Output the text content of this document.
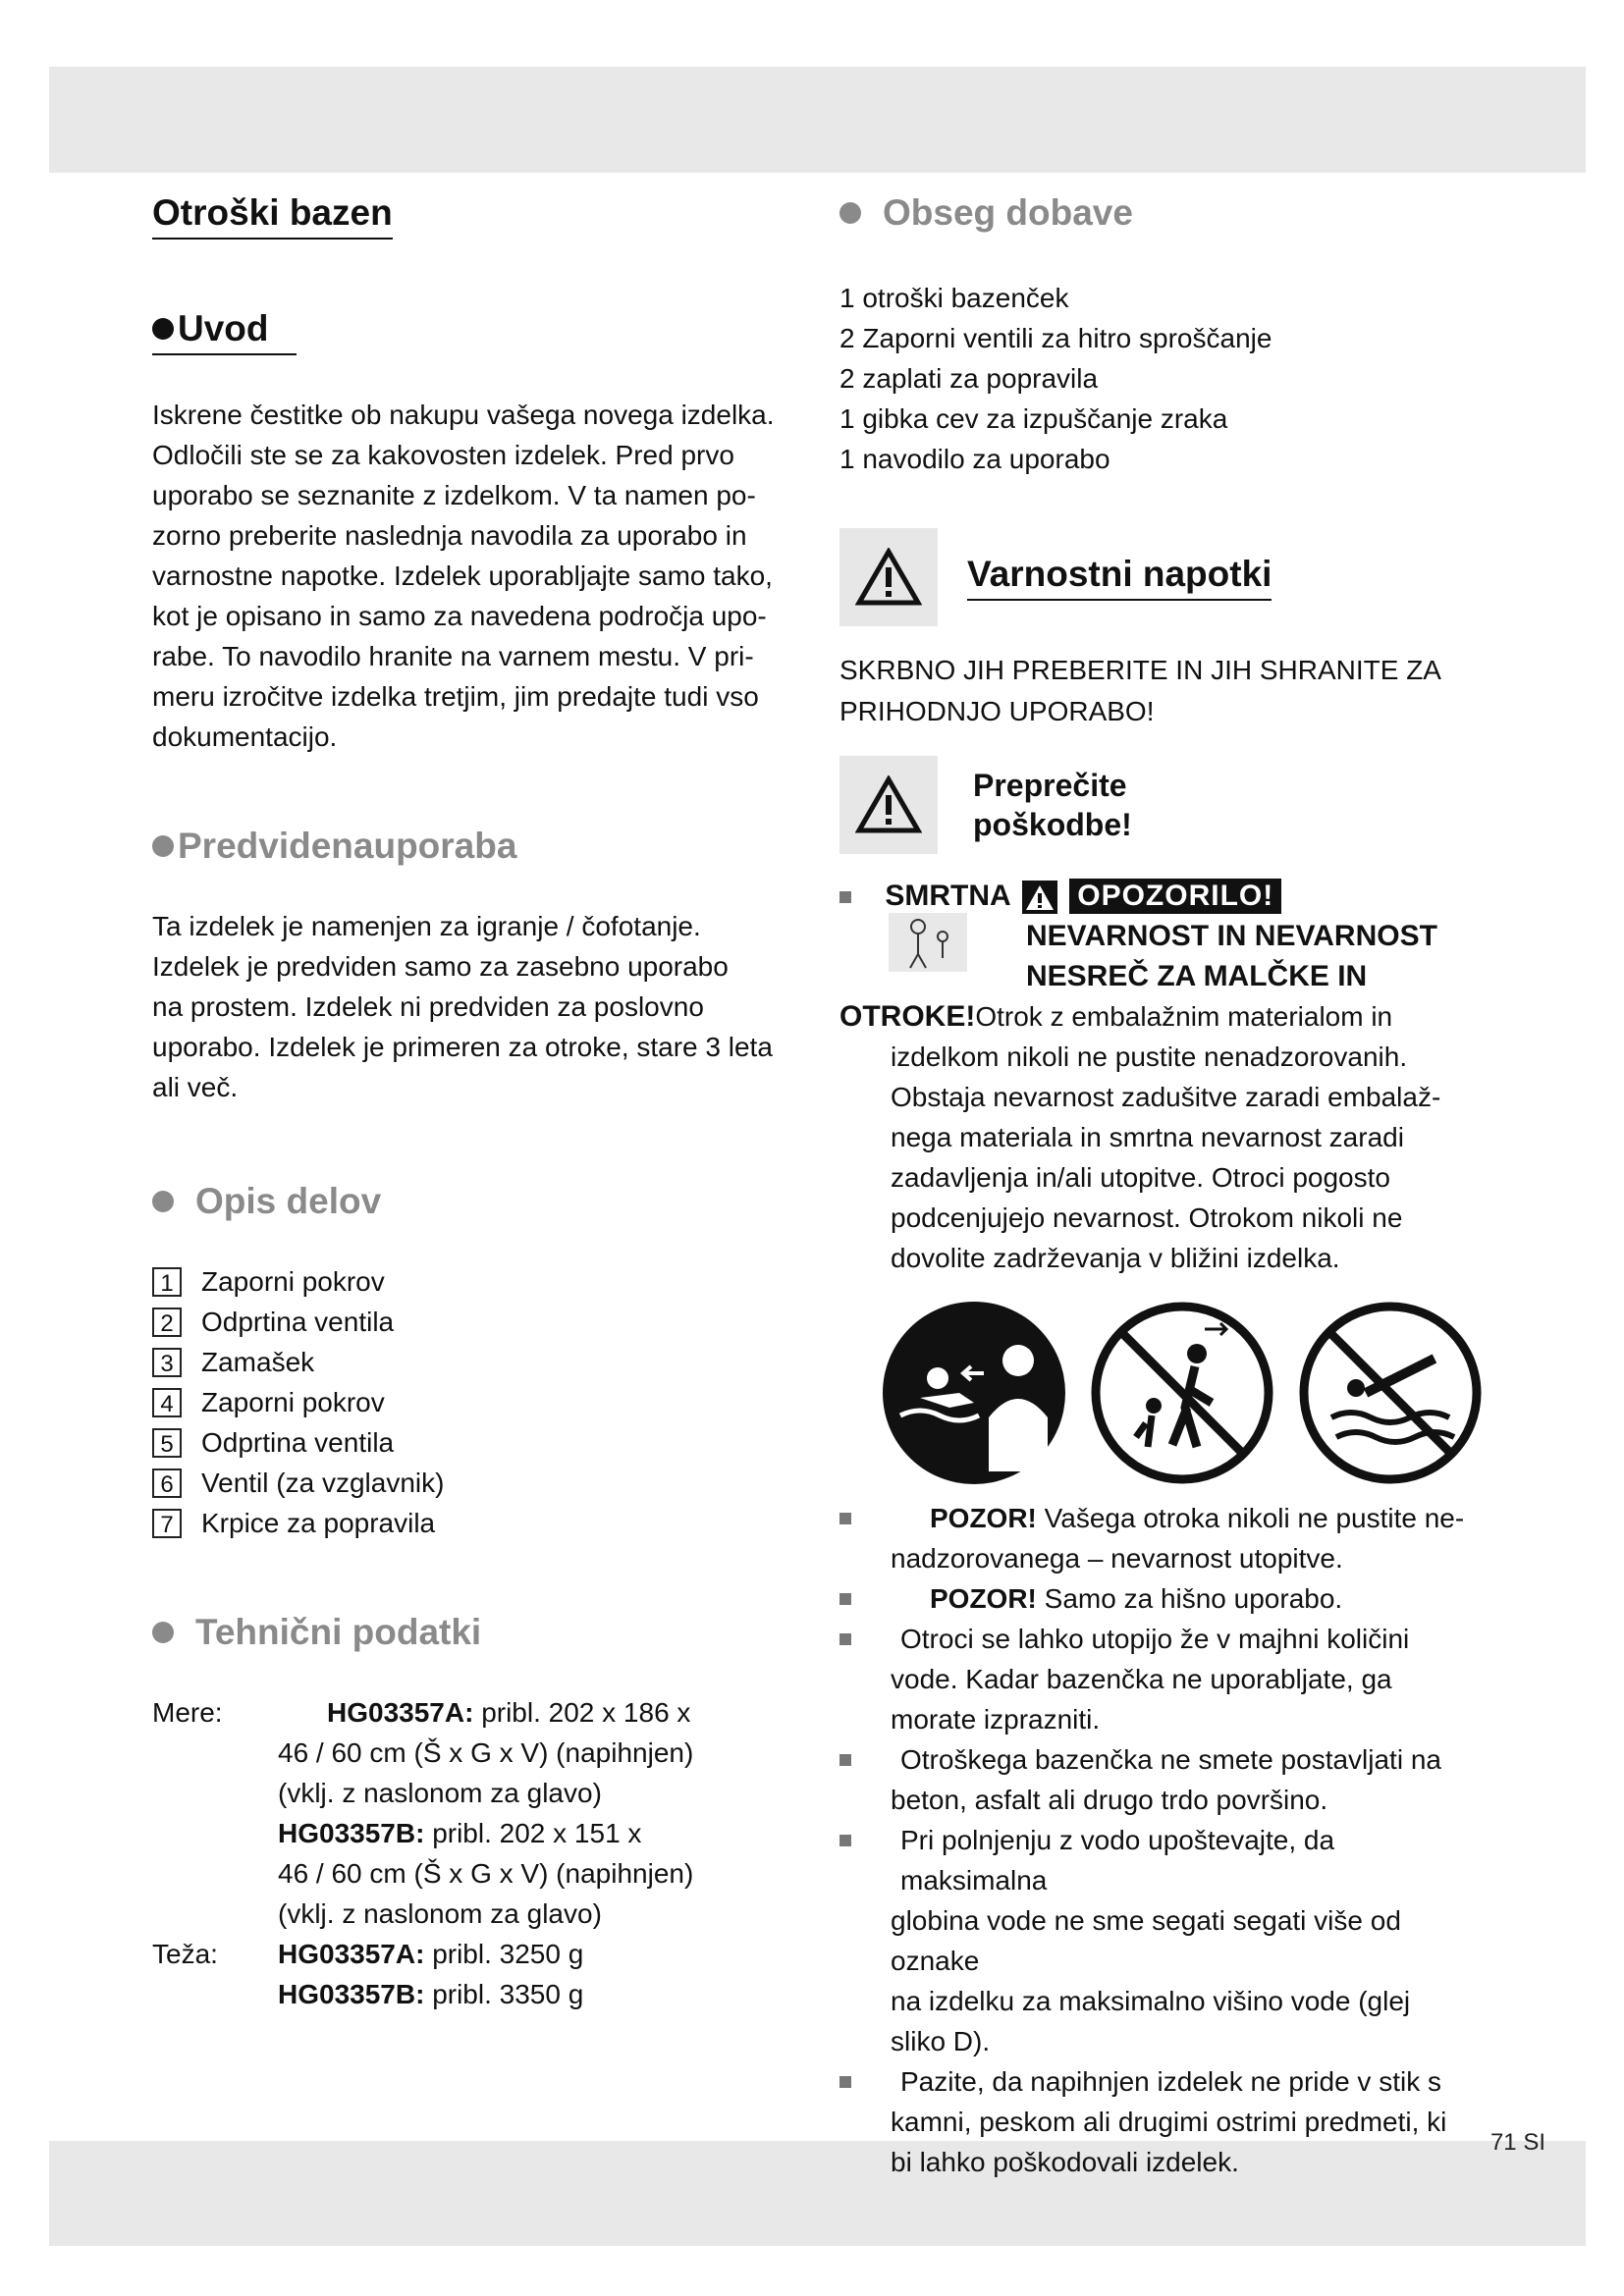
71 SI
Otroški bazen
Uvod

Iskrene čestitke ob nakupu vašega novega izdelka.

Odločili ste se za kakovosten izdelek. Pred prvo

uporabo se seznanite z izdelkom. V ta namen po-

zorno preberite naslednja navodila za uporabo in

varnostne napotke. Izdelek uporabljajte samo tako,

kot je opisano in samo za navedena področja upo-

rabe. To navodilo hranite na varnem mestu. V pri-

meru izročitve izdelka tretjim, jim predajte tudi vso

dokumentacijo.

Predvidenauporaba

Ta izdelek je namenjen za igranje / čofotanje.

Izdelek je predviden samo za zasebno uporabo

na prostem. Izdelek ni predviden za poslovno

uporabo. Izdelek je primeren za otroke, stare 3 leta

ali več.

Opis delov
1 Zaporni pokrov
2 Odprtina ventila
3 Zamašek
4 Zaporni pokrov
5 Odprtina ventila
6 Ventil (za vzglavnik)
7 Krpice za popravila
Tehnični podatki
Mere:	HG03357A: pribl. 202 x 186 x
46 / 60 cm (Š x G x V) (napihnjen)
(vklj. z naslonom za glavo)
HG03357B: pribl. 202 x 151 x
46 / 60 cm (Š x G x V) (napihnjen)
(vklj. z naslonom za glavo)
Teža: HG03357A: pribl. 3250 g
HG03357B: pribl. 3350 g
Obseg dobave
1 otroški bazenček
2 Zaporni ventili za hitro sproščanje
2 zaplati za popravila
1 gibka cev za izpuščanje zraka
1 navodilo za uporabo
Varnostni napotki
SKRBNO JIH PREBERITE IN JIH SHRANITE ZA
PRIHODNJO UPORABO!
Preprečite
poškodbe!
SMRTNA OPOZORILO!
NEVARNOST IN NEVARNOST
NESREČ ZA MALČKE IN
OTROKE!Otrok z embalažnim materialom in
izdelkom nikoli ne pustite nenadzorovanih.
Obstaja nevarnost zadušitve zaradi embalaž-
nega materiala in smrtna nevarnost zaradi
zadavljenja in/ali utopitve. Otroci pogosto
podcenjujejo nevarnost. Otrokom nikoli ne
dovolite zadrževanja v bližini izdelka.
POZOR! Vašega otroka nikoli ne pustite ne-
nadzorovanega – nevarnost utopitve.
POZOR! Samo za hišno uporabo.
Otroci se lahko utopijo že v majhni količini
vode. Kadar bazenčka ne uporabljate, ga
morate izprazniti.
Otroškega bazenčka ne smete postavljati na
beton, asfalt ali drugo trdo površino.
Pri polnjenju z vodo upoštevajte, da maksimalna
globina vode ne sme segati segati više od oznake
na izdelku za maksimalno višino vode (glej
sliko D).
Pazite, da napihnjen izdelek ne pride v stik s
kamni, peskom ali drugimi ostrimi predmeti, ki
bi lahko poškodovali izdelek.
